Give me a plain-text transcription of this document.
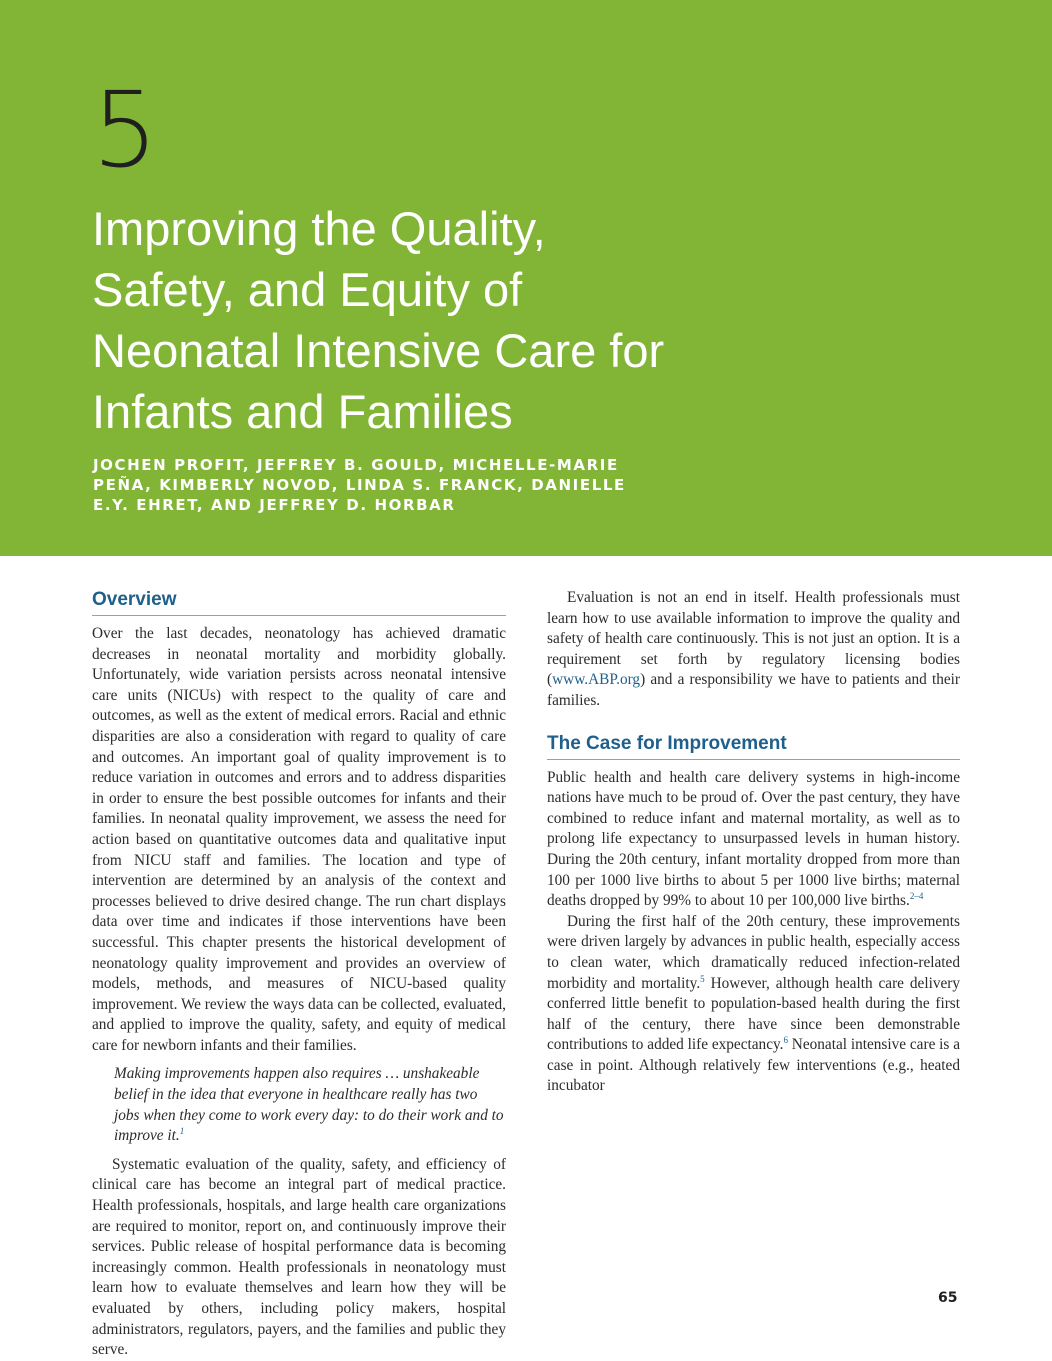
5
Improving the Quality,
Safety, and Equity of
Neonatal Intensive Care for
Infants and Families
JOCHEN PROFIT, JEFFREY B. GOULD, MICHELLE-MARIE
PEÑA, KIMBERLY NOVOD, LINDA S. FRANCK, DANIELLE
E.Y. EHRET, AND JEFFREY D. HORBAR
Overview

Over the last decades, neonatology has achieved dramatic decreases in neonatal mortality and morbidity globally. Unfortunately, wide variation persists across neonatal intensive care units (NICUs) with respect to the quality of care and outcomes, as well as the extent of medical errors. Racial and ethnic disparities are also a consideration with regard to quality of care and outcomes. An important goal of quality improvement is to reduce variation in outcomes and errors and to address disparities in order to ensure the best possible outcomes for infants and their families. In neonatal quality improvement, we assess the need for action based on quantitative outcomes data and qualitative input from NICU staff and families. The location and type of intervention are determined by an analysis of the context and processes believed to drive desired change. The run chart displays data over time and indicates if those interventions have been successful. This chapter presents the historical development of neonatology quality improvement and provides an overview of models, methods, and measures of NICU-based quality improvement. We review the ways data can be collected, evaluated, and applied to improve the quality, safety, and equity of medical care for newborn infants and their families.

Making improvements happen also requires … unshakeable belief in the idea that everyone in healthcare really has two jobs when they come to work every day: to do their work and to improve it.$^1$

Systematic evaluation of the quality, safety, and efficiency of clinical care has become an integral part of medical practice. Health professionals, hospitals, and large health care organizations are required to monitor, report on, and continuously improve their services. Public release of hospital performance data is becoming increasingly common. Health professionals in neonatology must learn how to evaluate themselves and learn how they will be evaluated by others, including policy makers, hospital administrators, regulators, payers, and the families and public they serve.

Evaluation is not an end in itself. Health professionals must learn how to use available information to improve the quality and safety of health care continuously. This is not just an option. It is a requirement set forth by regulatory licensing bodies (www.ABP.org) and a responsibility we have to patients and their families.

The Case for Improvement

Public health and health care delivery systems in high-income nations have much to be proud of. Over the past century, they have combined to reduce infant and maternal mortality, as well as to prolong life expectancy to unsurpassed levels in human history. During the 20th century, infant mortality dropped from more than 100 per 1000 live births to about 5 per 1000 live births; maternal deaths dropped by 99% to about 10 per 100,000 live births.$^{2-4}$

During the first half of the 20th century, these improvements were driven largely by advances in public health, especially access to clean water, which dramatically reduced infection-related morbidity and mortality.$^5$ However, although health care delivery conferred little benefit to population-based health during the first half of the century, there have since been demonstrable contributions to added life expectancy.$^6$ Neonatal intensive care is a case in point. Although relatively few interventions (e.g., heated incubator

65
